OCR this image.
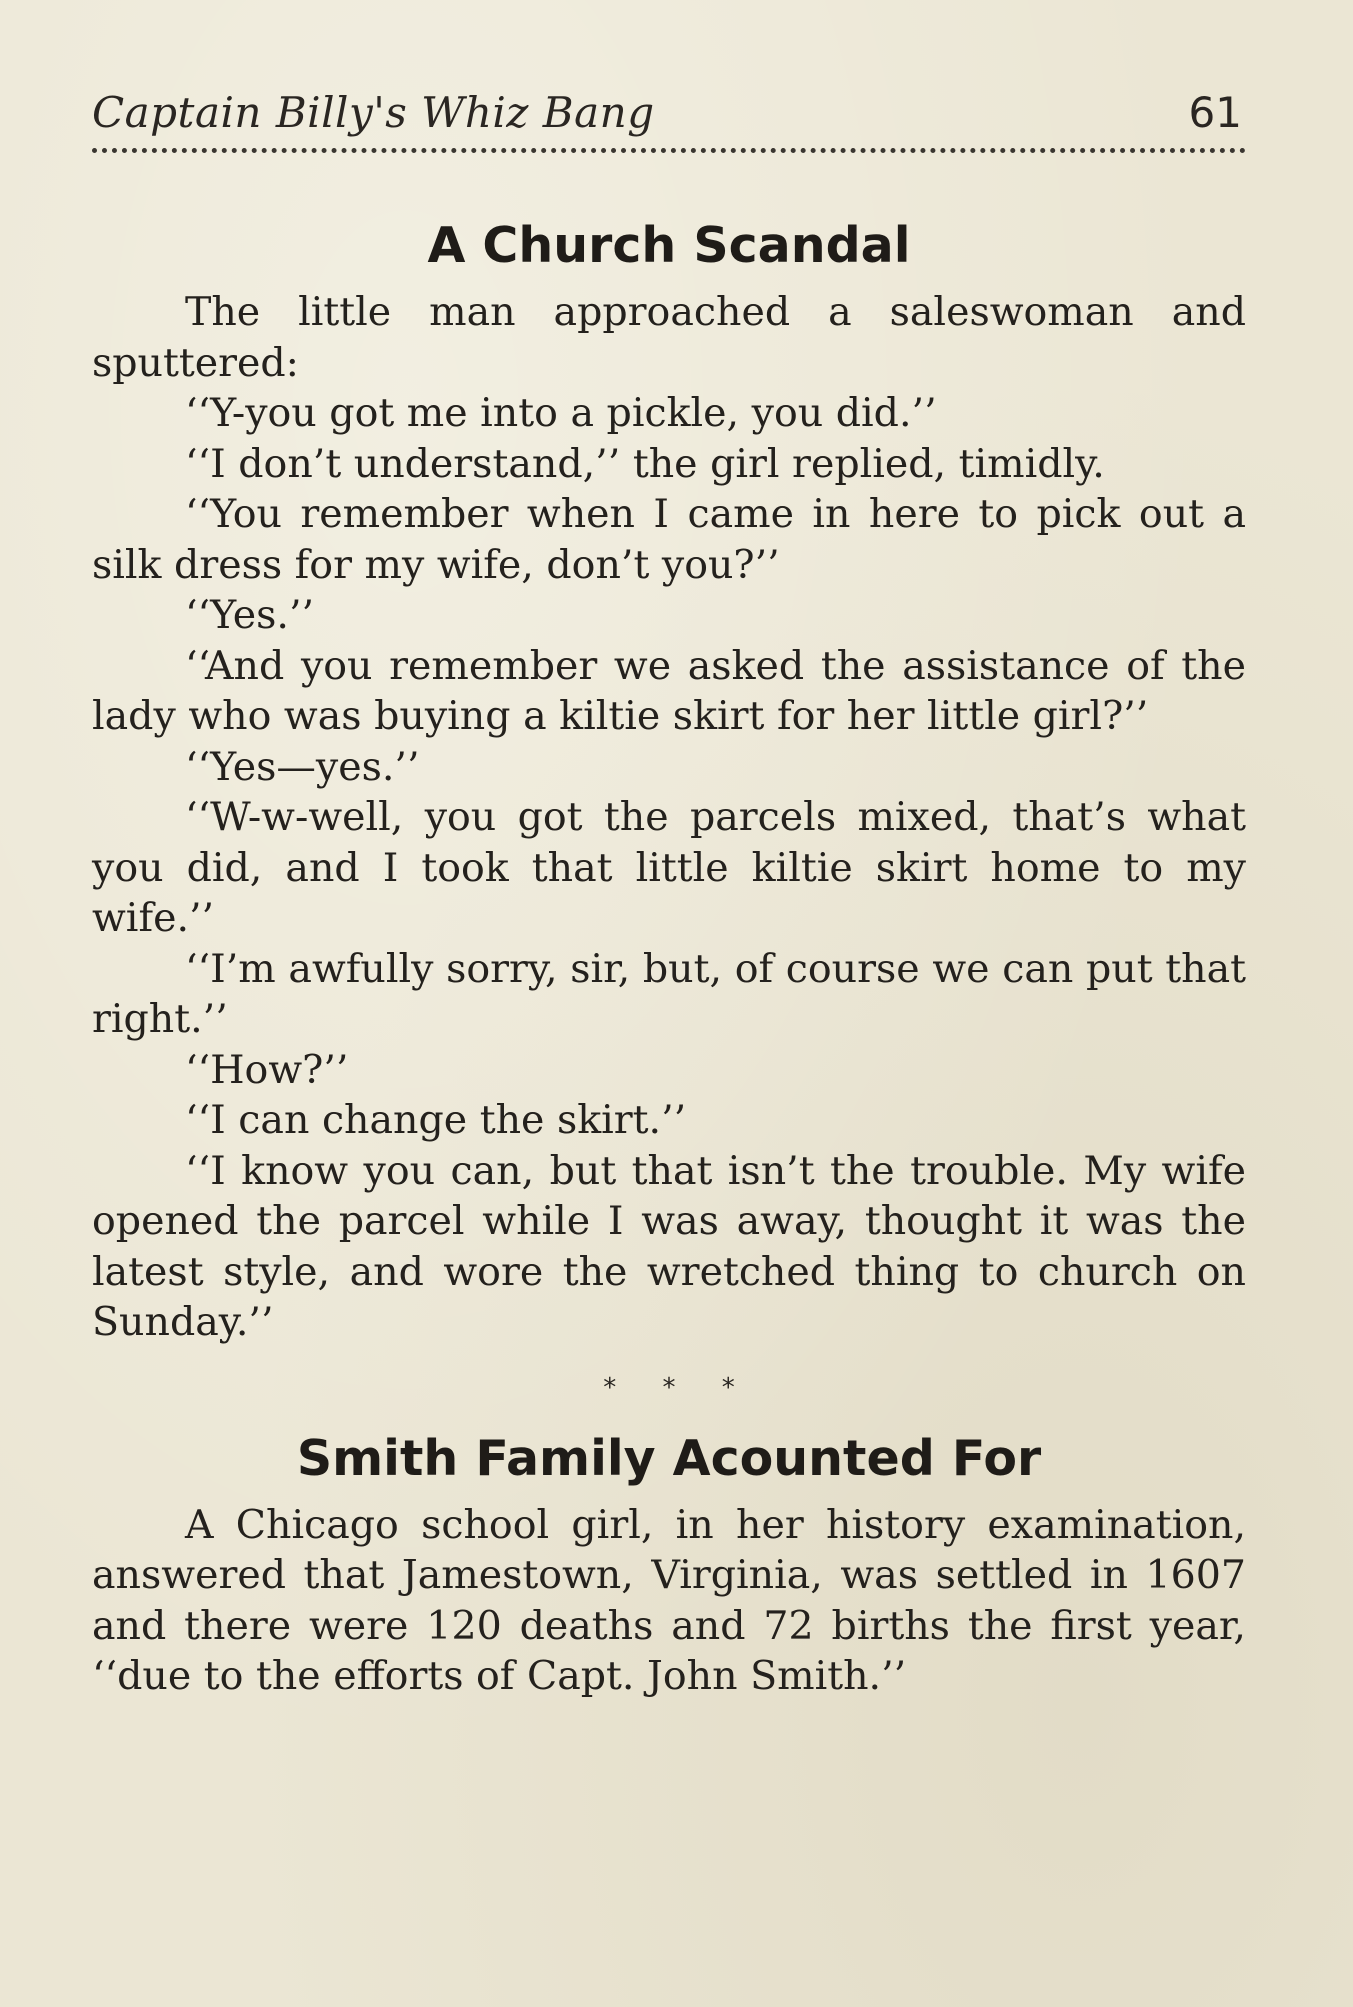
Captain Billy's Whiz Bang	61
A Church Scandal

The little man approached a saleswoman and sputtered:

‘‘Y-you got me into a pickle, you did.’’

‘‘I don’t understand,’’ the girl replied, timidly.

‘‘You remember when I came in here to pick out a silk dress for my wife, don’t you?’’

‘‘Yes.’’

‘‘And you remember we asked the assistance of the lady who was buying a kiltie skirt for her little girl?’’

‘‘Yes—yes.’’

‘‘W-w-well, you got the parcels mixed, that’s what you did, and I took that little kiltie skirt home to my wife.’’

‘‘I’m awfully sorry, sir, but, of course we can put that right.’’

‘‘How?’’

‘‘I can change the skirt.’’

‘‘I know you can, but that isn’t the trouble. My wife opened the parcel while I was away, thought it was the latest style, and wore the wretched thing to church on Sunday.’’

* * *
Smith Family Acounted For

A Chicago school girl, in her history examination, answered that Jamestown, Virginia, was settled in 1607 and there were 120 deaths and 72 births the first year, ‘‘due to the efforts of Capt. John Smith.’’
